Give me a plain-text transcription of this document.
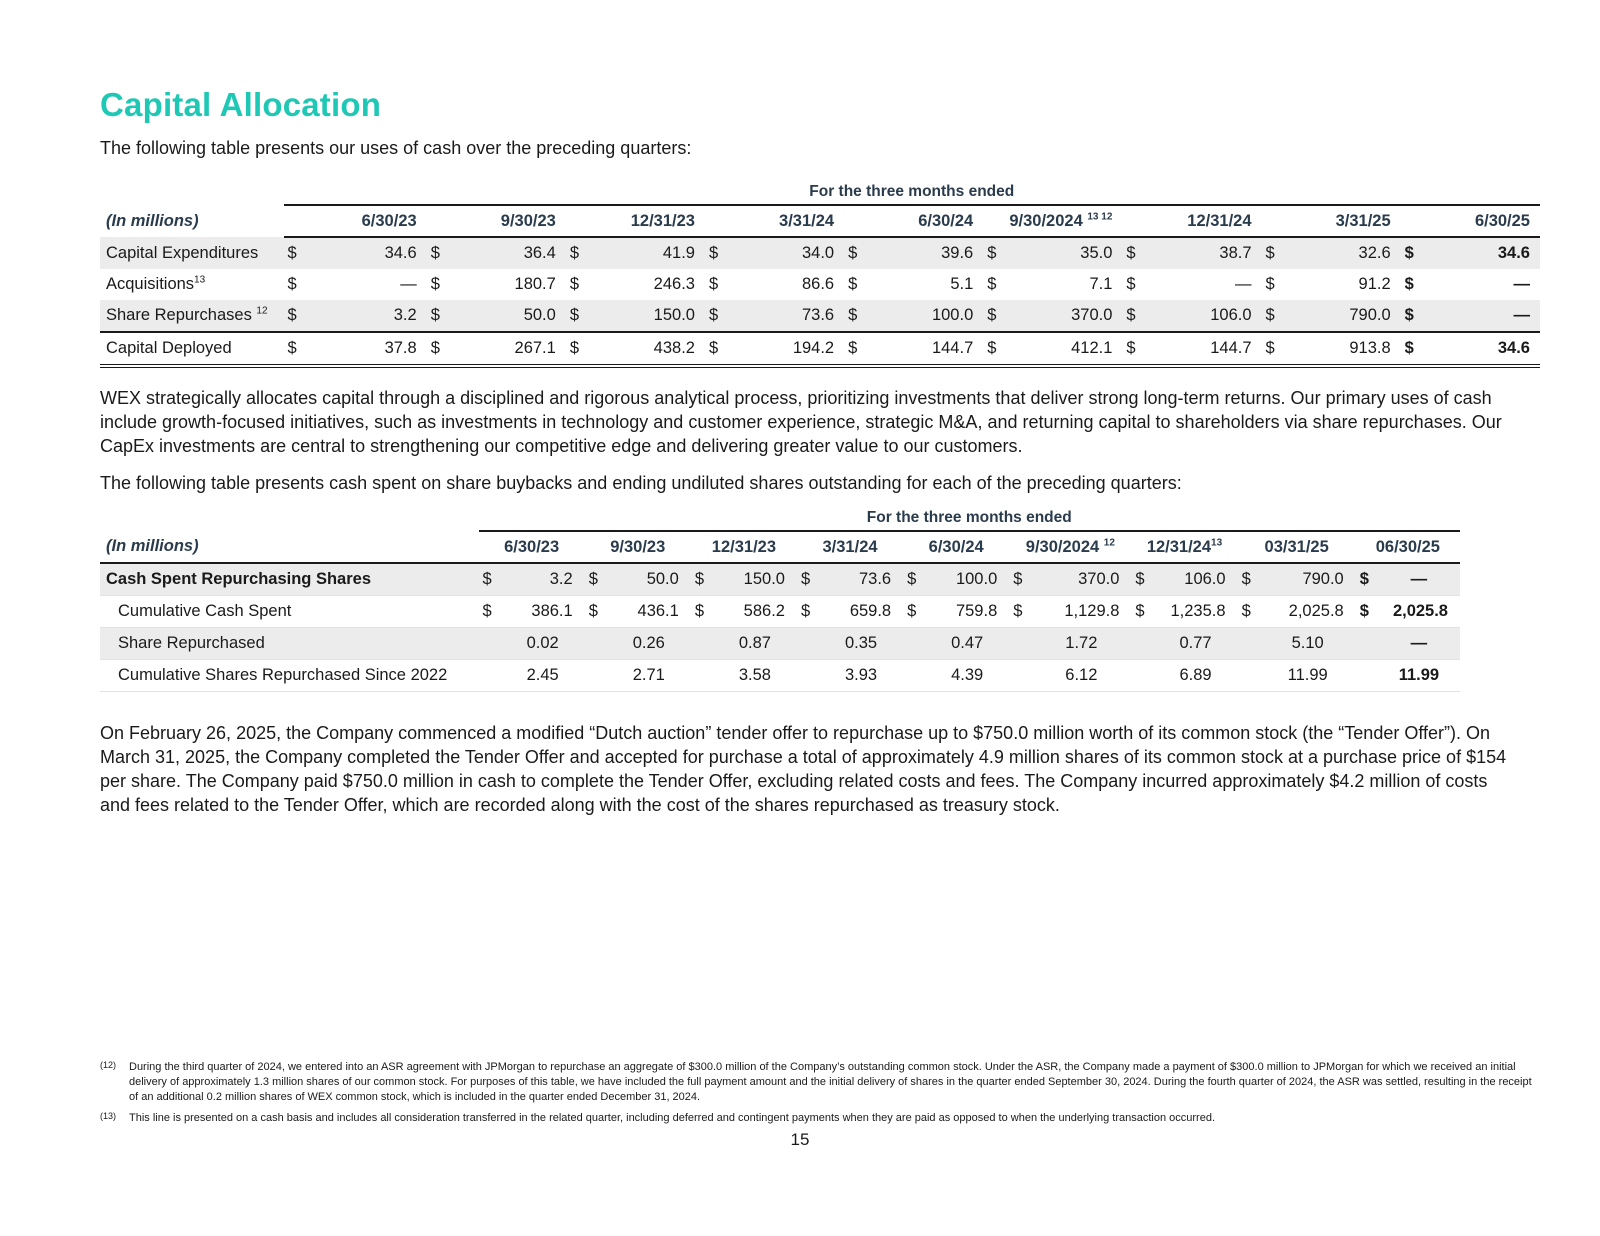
Capital Allocation

The following table presents our uses of cash over the preceding quarters:

	For the three months ended																	
(In millions)	6/30/23		9/30/23		12/31/23		3/31/24		6/30/24		9/30/2024 $^{13 12}$		12/31/24		3/31/25		6/30/25	
Capital Expenditures	$	34.6	$	36.4	$	41.9	$	34.0	$	39.6	$	35.0	$	38.7	$	32.6	$	34.6
Acquisitions$^{13}$	$	—	$	180.7	$	246.3	$	86.6	$	5.1	$	7.1	$	—	$	91.2	$	—
Share Repurchases $^{12}$	$	3.2	$	50.0	$	150.0	$	73.6	$	100.0	$	370.0	$	106.0	$	790.0	$	—
Capital Deployed	$	37.8	$	267.1	$	438.2	$	194.2	$	144.7	$	412.1	$	144.7	$	913.8	$	34.6

WEX strategically allocates capital through a disciplined and rigorous analytical process, prioritizing investments that deliver strong long-term returns. Our primary uses of cash include growth-focused initiatives, such as investments in technology and customer experience, strategic M&A, and returning capital to shareholders via share repurchases. Our CapEx investments are central to strengthening our competitive edge and delivering greater value to our customers.

The following table presents cash spent on share buybacks and ending undiluted shares outstanding for each of the preceding quarters:

	For the three months ended																	
(In millions)	6/30/23		9/30/23		12/31/23		3/31/24		6/30/24		9/30/2024 $^{12}$		$12/31/24^{13}$		03/31/25		06/30/25	
Cash Spent Repurchasing Shares	$	3.2	$	50.0	$	150.0	$	73.6	$	100.0	$	370.0	$	106.0	$	790.0	$	—
Cumulative Cash Spent	$	386.1	$	436.1	$	586.2	$	659.8	$	759.8	$	1,129.8	$	1,235.8	$	2,025.8	$	2,025.8
Share Repurchased		0.02		0.26		0.87		0.35		0.47		1.72		0.77		5.10		—
Cumulative Shares Repurchased Since 2022		2.45		2.71		3.58		3.93		4.39		6.12		6.89		11.99		11.99

On February 26, 2025, the Company commenced a modified “Dutch auction” tender offer to repurchase up to $750.0 million worth of its common stock (the “Tender Offer”). On March 31, 2025, the Company completed the Tender Offer and accepted for purchase a total of approximately 4.9 million shares of its common stock at a purchase price of $154 per share. The Company paid $750.0 million in cash to complete the Tender Offer, excluding related costs and fees. The Company incurred approximately $4.2 million of costs and fees related to the Tender Offer, which are recorded along with the cost of the shares repurchased as treasury stock.

(12) During the third quarter of 2024, we entered into an ASR agreement with JPMorgan to repurchase an aggregate of $300.0 million of the Company’s outstanding common stock. Under the ASR, the Company made a payment of $300.0 million to JPMorgan for which we received an initial delivery of approximately 1.3 million shares of our common stock. For purposes of this table, we have included the full payment amount and the initial delivery of shares in the quarter ended September 30, 2024. During the fourth quarter of 2024, the ASR was settled, resulting in the receipt of an additional 0.2 million shares of WEX common stock, which is included in the quarter ended December 31, 2024.
(13) This line is presented on a cash basis and includes all consideration transferred in the related quarter, including deferred and contingent payments when they are paid as opposed to when the underlying transaction occurred.
15
